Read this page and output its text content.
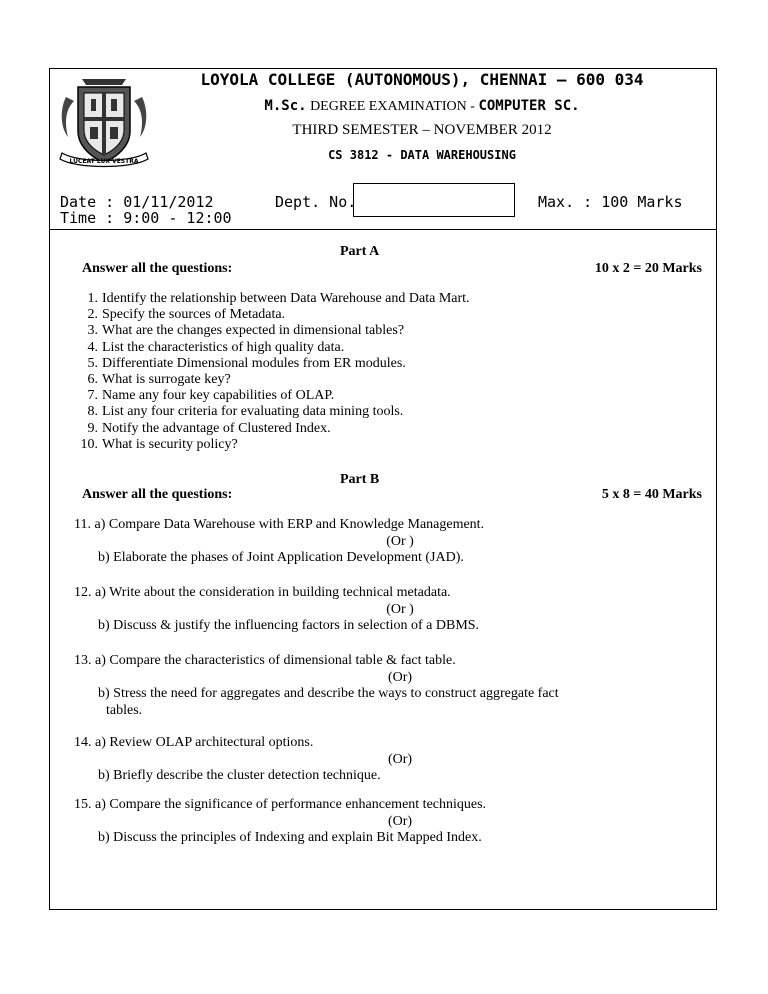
LUCEAT LUX VESTRA
LOYOLA COLLEGE (AUTONOMOUS), CHENNAI – 600 034
M.Sc. DEGREE EXAMINATION - COMPUTER SC.
THIRD SEMESTER – NOVEMBER 2012
CS 3812 - DATA WAREHOUSING
Date : 01/11/2012
Time : 9:00 - 12:00
Dept. No.	Max. : 100 Marks
Part A
Answer all the questions:	10 x 2 = 20 Marks
1. Identify the relationship between Data Warehouse and Data Mart.
2. Specify the sources of Metadata.
3. What are the changes expected in dimensional tables?
4. List the characteristics of high quality data.
5. Differentiate Dimensional modules from ER modules.
6. What is surrogate key?
7. Name any four key capabilities of OLAP.
8. List any four criteria for evaluating data mining tools.
9. Notify the advantage of Clustered Index.
10. What is security policy?
Part B
Answer all the questions:	5 x 8 = 40 Marks
11. a) Compare Data Warehouse with ERP and Knowledge Management.
(Or )
b) Elaborate the phases of Joint Application Development (JAD).
12. a) Write about the consideration in building technical metadata.
(Or )
b) Discuss & justify the influencing factors in selection of a DBMS.
13. a) Compare the characteristics of dimensional table & fact table.
(Or)
b) Stress the need for aggregates and describe the ways to construct aggregate fact
tables.
14. a) Review OLAP architectural options.
(Or)
b) Briefly describe the cluster detection technique.
15. a) Compare the significance of performance enhancement techniques.
(Or)
b) Discuss the principles of Indexing and explain Bit Mapped Index.
